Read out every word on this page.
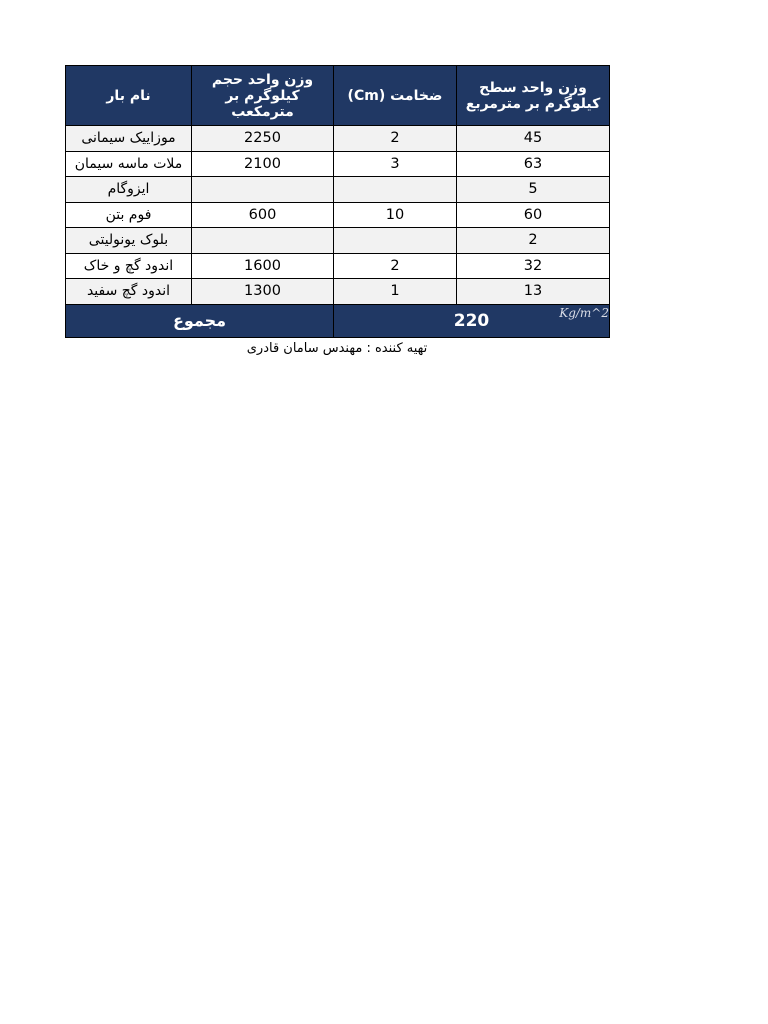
نام بار	وزن واحد حجم کیلوگرم بر مترمکعب	ضخامت (Cm)	وزن واحد سطح کیلوگرم بر مترمربع
موزاییک سیمانی	2250	2	45
ملات ماسه سیمان	2100	3	63
ایزوگام			5
فوم بتن	600	10	60
بلوک یونولیتی			2
اندود گچ و خاک	1600	2	32
اندود گچ سفید	1300	1	13
مجموع		220 Kg/m^2	
تهیه کننده : مهندس سامان قادری
